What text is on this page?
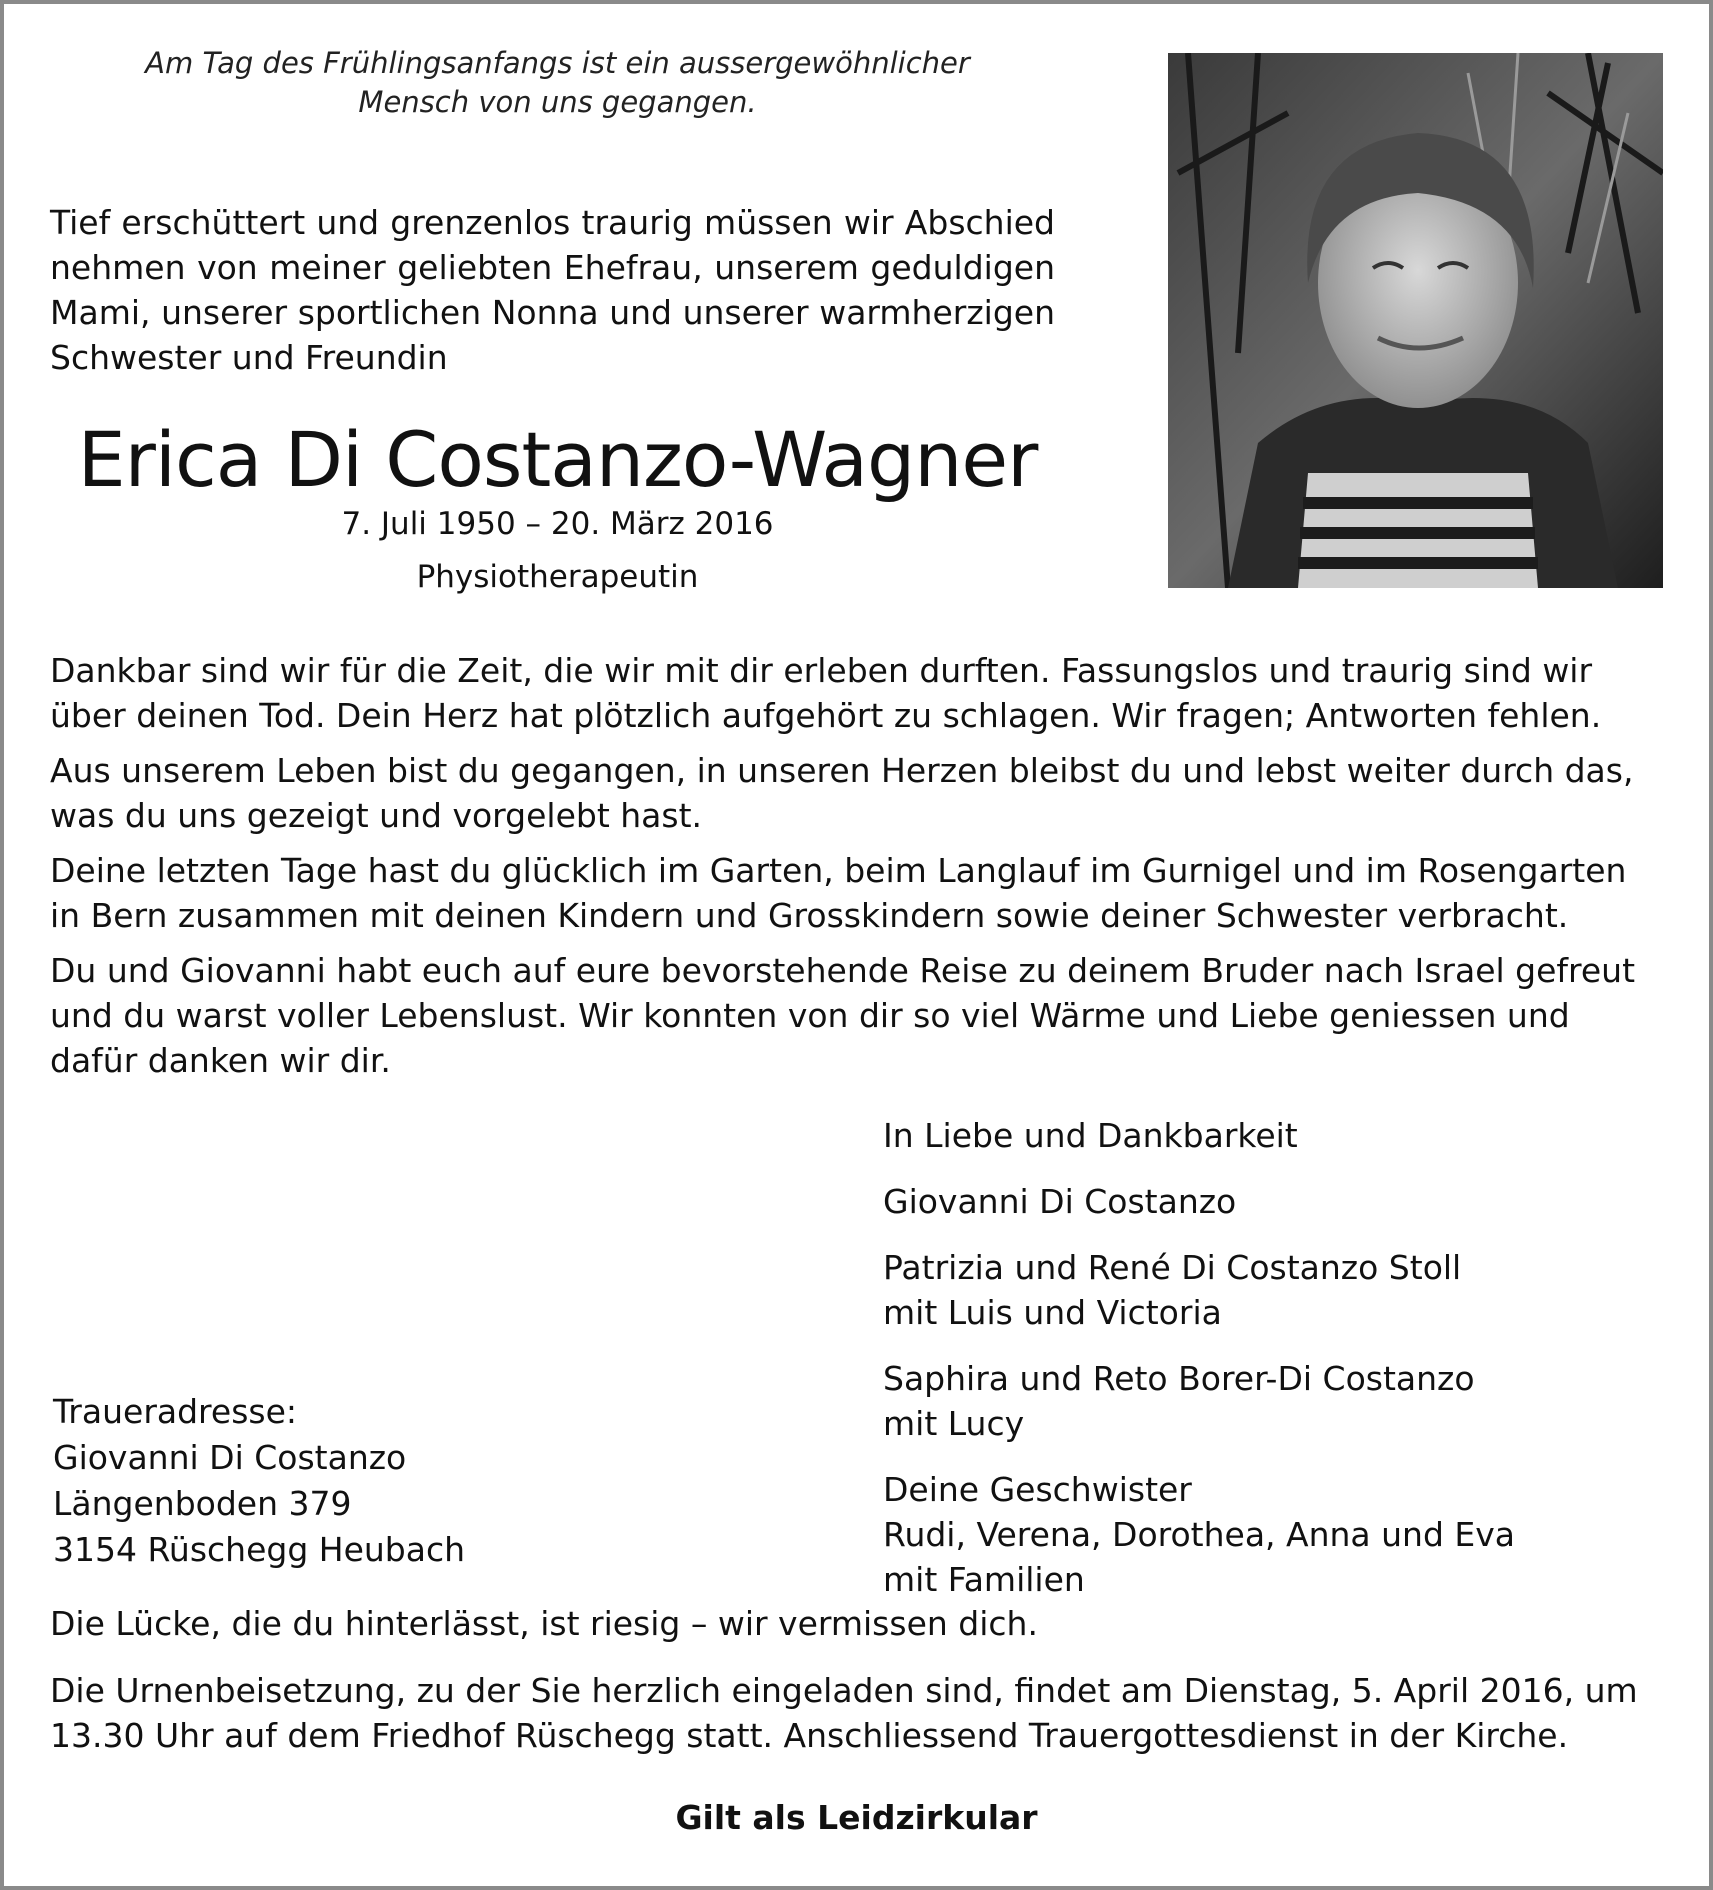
Am Tag des Frühlingsanfangs ist ein aussergewöhnlicher
Mensch von uns gegangen.
Tief erschüttert und grenzenlos traurig müssen wir Abschied nehmen von meiner geliebten Ehefrau, unserem geduldigen Mami, unserer sportlichen Nonna und unserer warmherzigen Schwester und Freundin
Erica Di Costanzo-Wagner
7. Juli 1950 – 20. März 2016
Physiotherapeutin

Dankbar sind wir für die Zeit, die wir mit dir erleben durften. Fassungslos und traurig sind wir über deinen Tod. Dein Herz hat plötzlich aufgehört zu schlagen. Wir fragen; Antworten fehlen.

Aus unserem Leben bist du gegangen, in unseren Herzen bleibst du und lebst weiter durch das, was du uns gezeigt und vorgelebt hast.

Deine letzten Tage hast du glücklich im Garten, beim Langlauf im Gurnigel und im Rosengarten in Bern zusammen mit deinen Kindern und Grosskindern sowie deiner Schwester verbracht.

Du und Giovanni habt euch auf eure bevorstehende Reise zu deinem Bruder nach Israel gefreut und du warst voller Lebenslust. Wir konnten von dir so viel Wärme und Liebe geniessen und dafür danken wir dir.

In Liebe und Dankbarkeit
Giovanni Di Costanzo
Patrizia und René Di Costanzo Stoll
mit Luis und Victoria
Saphira und Reto Borer-Di Costanzo
mit Lucy
Deine Geschwister
Rudi, Verena, Dorothea, Anna und Eva
mit Familien
Traueradresse:
Giovanni Di Costanzo
Längenboden 379
3154 Rüschegg Heubach

Die Lücke, die du hinterlässt, ist riesig – wir vermissen dich.

Die Urnenbeisetzung, zu der Sie herzlich eingeladen sind, findet am Dienstag, 5. April 2016, um 13.30 Uhr auf dem Friedhof Rüschegg statt. Anschliessend Trauergottesdienst in der Kirche.

Gilt als Leidzirkular
